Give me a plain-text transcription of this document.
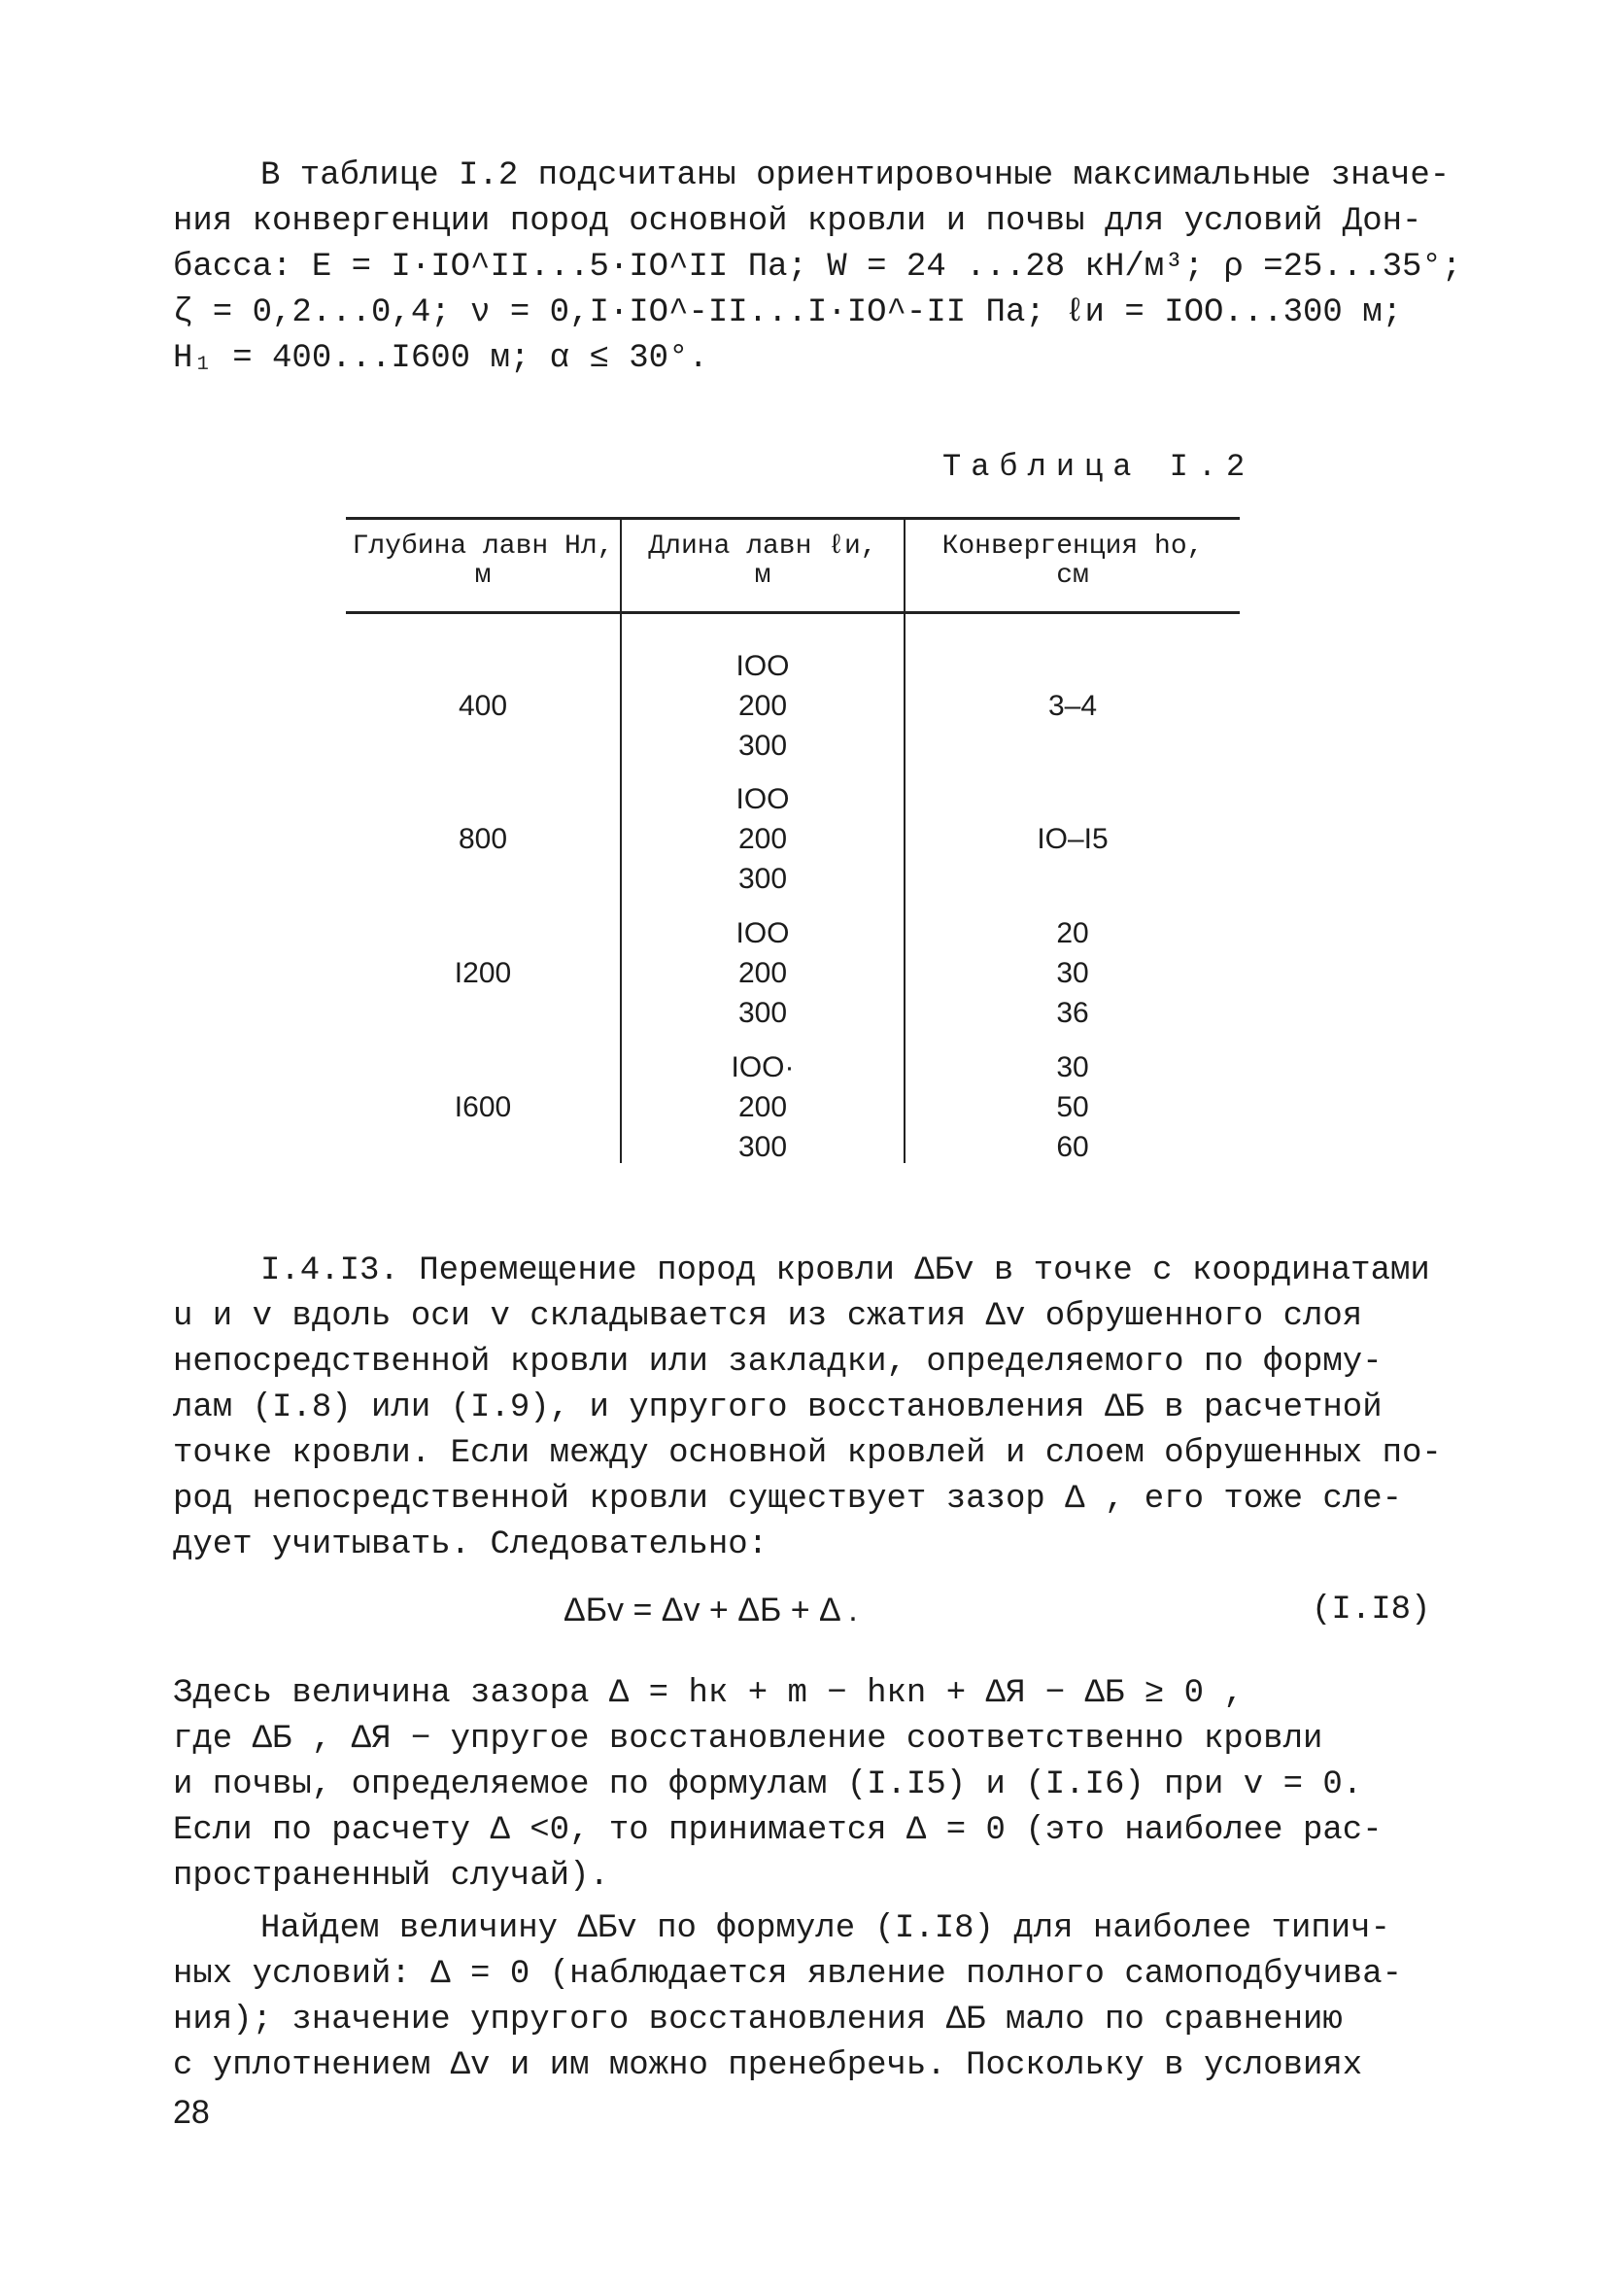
В таблице I.2 подсчитаны ориентировочные максимальные значе-
ния конвергенции пород основной кровли и почвы для условий Дон-
басса: E = I·IO^II...5·IO^II Па; W = 24 ...28 кН/м³; ρ =25...35°;
ζ = 0,2...0,4; ν = 0,I·IO^-II...I·IO^-II Па; ℓи = IOO...300 м;
H₁ = 400...I600 м; α ≤ 30°.
Таблица I.2
Глубина лавн Hл,
м
Длина лавн ℓи,
м
Конвергенция hо,
см
400
IOO
200
300
3–4
800
IOO
200
300
IO–I5
I200
IOO
200
300
20
30
36
I600
IOO·
200
300
30
50
60
I.4.I3. Перемещение пород кровли ΔБv в точке с координатами
u и v вдоль оси v складывается из сжатия Δv обрушенного слоя
непосредственной кровли или закладки, определяемого по форму-
лам (I.8) или (I.9), и упругого восстановления ΔБ в расчетной
точке кровли. Если между основной кровлей и слоем обрушенных по-
род непосредственной кровли существует зазор Δ , его тоже сле-
дует учитывать. Следовательно:
ΔБv = Δv + ΔБ + Δ .	(I.I8)
Здесь величина зазора Δ = hк + m − hкn + ΔЯ − ΔБ ≥ 0 ,
где ΔБ , ΔЯ − упругое восстановление соответственно кровли
и почвы, определяемое по формулам (I.I5) и (I.I6) при v = 0.
Если по расчету Δ <0, то принимается Δ = 0 (это наиболее рас-
пространенный случай).
Найдем величину ΔБv по формуле (I.I8) для наиболее типич-
ных условий: Δ = 0 (наблюдается явление полного самоподбучива-
ния); значение упругого восстановления ΔБ мало по сравнению
с уплотнением Δv и им можно пренебречь. Поскольку в условиях
28
